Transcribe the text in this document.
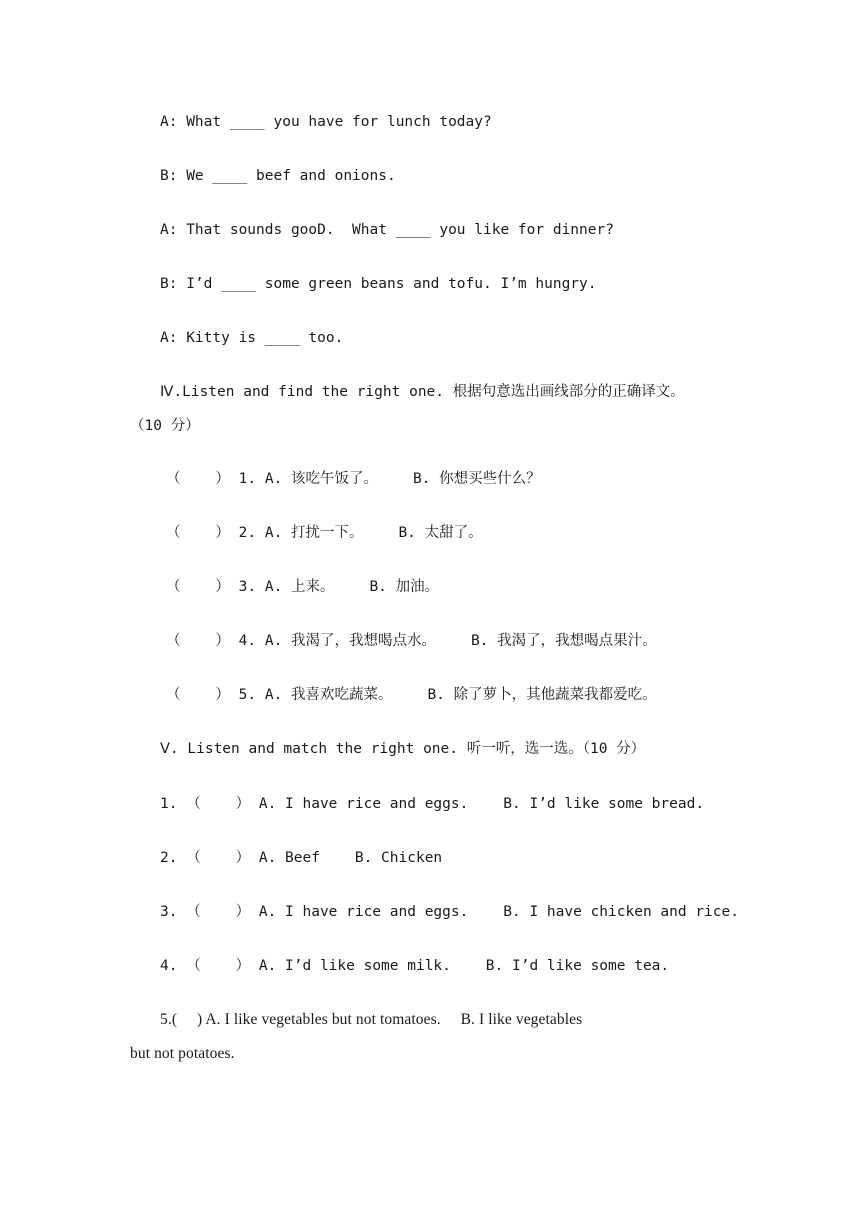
A: What ____ you have for lunch today?
B: We ____ beef and onions.
A: That sounds gooD.  What ____ you like for dinner?
B: I’d ____ some green beans and tofu. I’m hungry.
A: Kitty is ____ too.
Ⅳ.Listen and find the right one. 根据句意选出画线部分的正确译文。
（10 分）
（    ） 1. A. 该吃午饭了。    B. 你想买些什么？
（    ） 2. A. 打扰一下。    B. 太甜了。
（    ） 3. A. 上来。    B. 加油。
（    ） 4. A. 我渴了，我想喝点水。    B. 我渴了，我想喝点果汁。
（    ） 5. A. 我喜欢吃蔬菜。    B. 除了萝卜，其他蔬菜我都爱吃。
Ⅴ. Listen and match the right one. 听一听，选一选。（10 分）
1. （    ） A. I have rice and eggs.    B. I’d like some bread.
2. （    ） A. Beef    B. Chicken
3. （    ） A. I have rice and eggs.    B. I have chicken and rice.
4. （    ） A. I’d like some milk.    B. I’d like some tea.
5.(     ) A. I like vegetables but not tomatoes.     B. I like vegetables
but not potatoes.
